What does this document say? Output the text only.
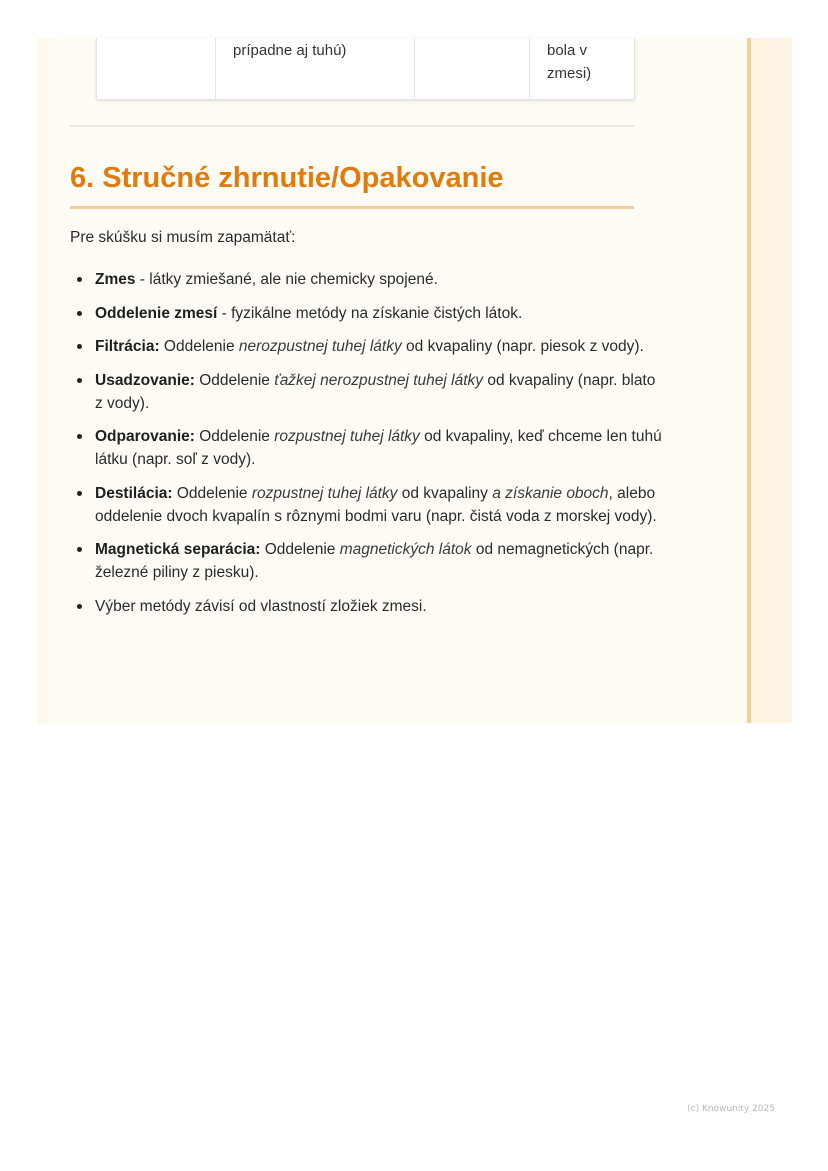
prípadne aj tuhú)	bola v zmesi)
6. Stručné zhrnutie/Opakovanie

Pre skúšku si musím zapamätať:

Zmes - látky zmiešané, ale nie chemicky spojené.
Oddelenie zmesí - fyzikálne metódy na získanie čistých látok.
Filtrácia: Oddelenie nerozpustnej tuhej látky od kvapaliny (napr. piesok z vody).
Usadzovanie: Oddelenie ťažkej nerozpustnej tuhej látky od kvapaliny (napr. blato z vody).
Odparovanie: Oddelenie rozpustnej tuhej látky od kvapaliny, keď chceme len tuhú látku (napr. soľ z vody).
Destilácia: Oddelenie rozpustnej tuhej látky od kvapaliny a získanie oboch, alebo oddelenie dvoch kvapalín s rôznymi bodmi varu (napr. čistá voda z morskej vody).
Magnetická separácia: Oddelenie magnetických látok od nemagnetických (napr. železné piliny z piesku).
Výber metódy závisí od vlastností zložiek zmesi.
(c) Knowunity 2025
